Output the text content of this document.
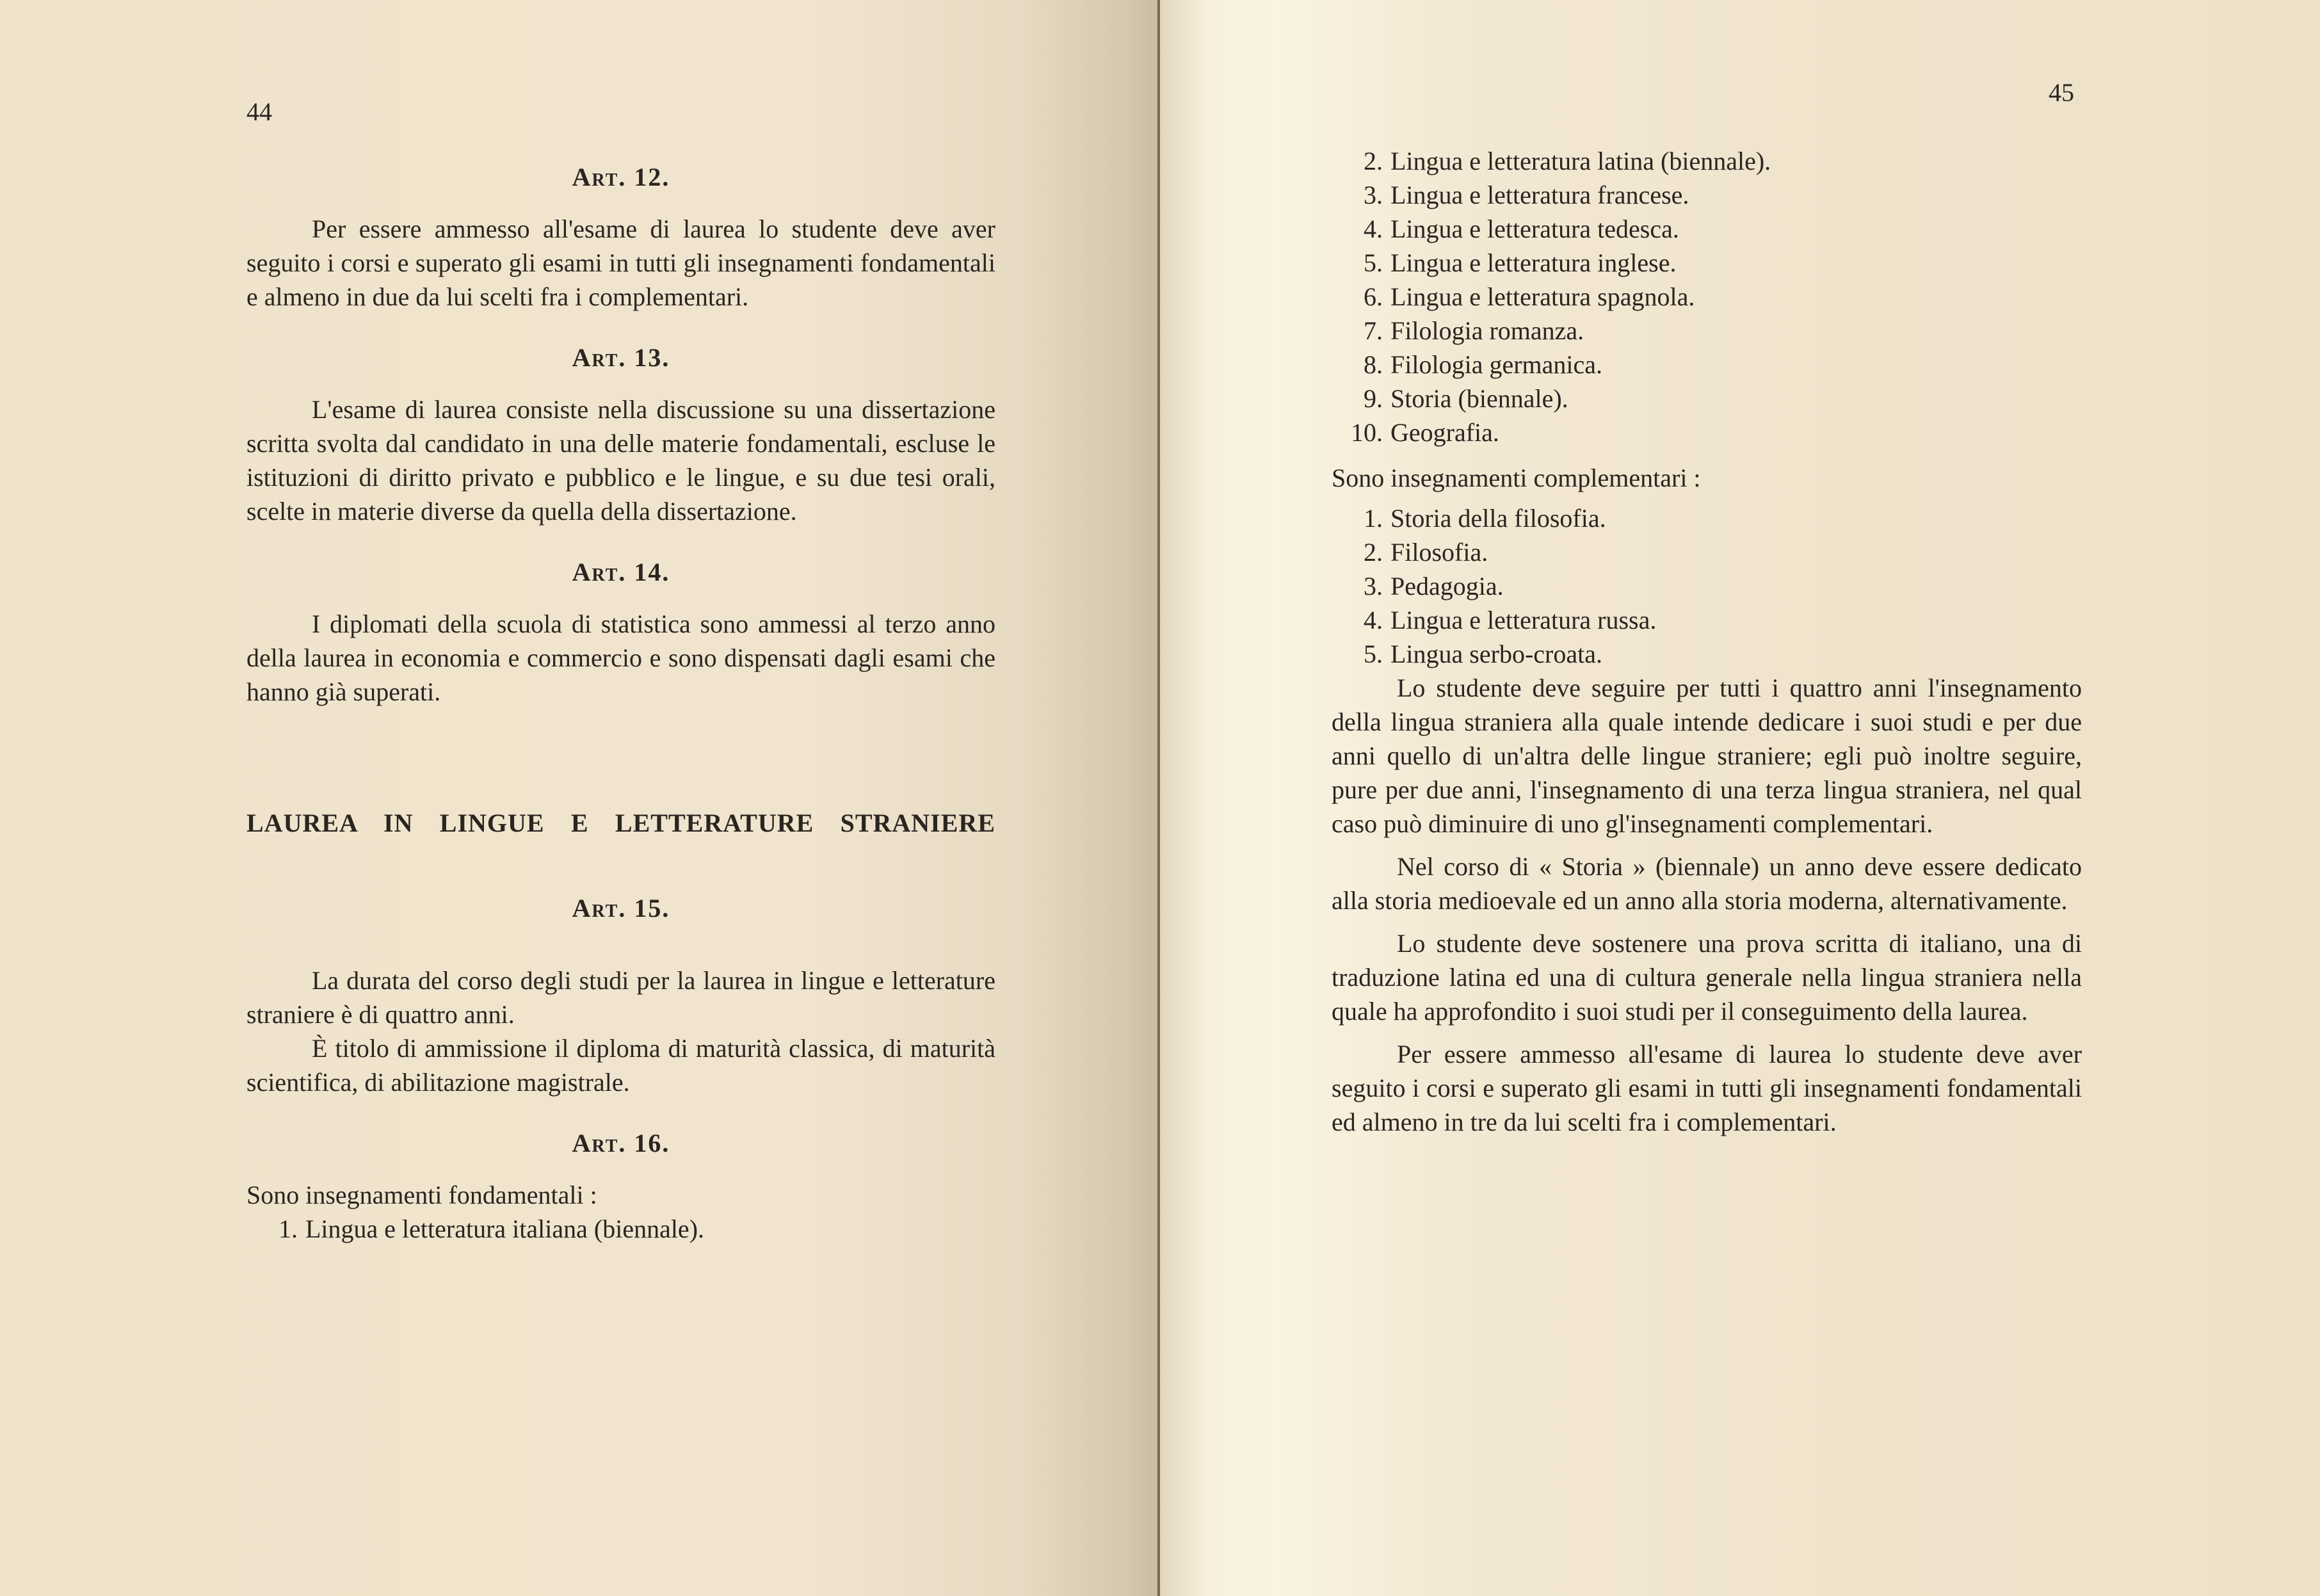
44
Art. 12.

Per essere ammesso all'esame di laurea lo studente deve aver seguito i corsi e superato gli esami in tutti gli insegnamenti fondamentali e almeno in due da lui scelti fra i complementari.

Art. 13.

L'esame di laurea consiste nella discussione su una dissertazione scritta svolta dal candidato in una delle materie fondamentali, escluse le istituzioni di diritto privato e pubblico e le lingue, e su due tesi orali, scelte in materie diverse da quella della dissertazione.

Art. 14.

I diplomati della scuola di statistica sono ammessi al terzo anno della laurea in economia e commercio e sono dispensati dagli esami che hanno già superati.

LAUREA IN LINGUE E LETTERATURE STRANIERE
Art. 15.

La durata del corso degli studi per la laurea in lingue e letterature straniere è di quattro anni.

È titolo di ammissione il diploma di maturità classica, di maturità scientifica, di abilitazione magistrale.

Art. 16.

Sono insegnamenti fondamentali :

1. Lingua e letteratura italiana (biennale).
45
2. Lingua e letteratura latina (biennale).
3. Lingua e letteratura francese.
4. Lingua e letteratura tedesca.
5. Lingua e letteratura inglese.
6. Lingua e letteratura spagnola.
7. Filologia romanza.
8. Filologia germanica.
9. Storia (biennale).
10. Geografia.

Sono insegnamenti complementari :

1. Storia della filosofia.
2. Filosofia.
3. Pedagogia.
4. Lingua e letteratura russa.
5. Lingua serbo-croata.

Lo studente deve seguire per tutti i quattro anni l'insegnamento della lingua straniera alla quale intende dedicare i suoi studi e per due anni quello di un'altra delle lingue straniere; egli può inoltre seguire, pure per due anni, l'insegnamento di una terza lingua straniera, nel qual caso può diminuire di uno gl'insegnamenti complementari.

Nel corso di « Storia » (biennale) un anno deve essere dedicato alla storia medioevale ed un anno alla storia moderna, alternativamente.

Lo studente deve sostenere una prova scritta di italiano, una di traduzione latina ed una di cultura generale nella lingua straniera nella quale ha approfondito i suoi studi per il conseguimento della laurea.

Per essere ammesso all'esame di laurea lo studente deve aver seguito i corsi e superato gli esami in tutti gli insegnamenti fondamentali ed almeno in tre da lui scelti fra i complementari.
